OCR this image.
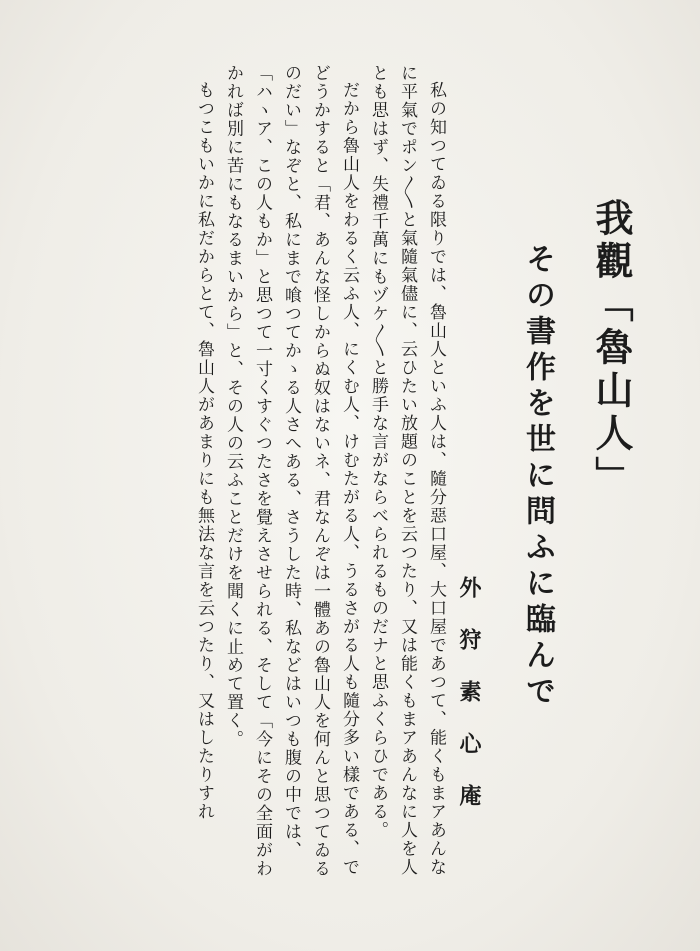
我觀「魯山人」
その書作を世に問ふに臨んで
外狩素心庵

私の知つてゐる限りでは、魯山人といふ人は、隨分惡口屋、大口屋であつて、能くもまアあんなに平氣でポン〳〵と氣隨氣儘に、云ひたい放題のことを云つたり、又は能くもまアあんなに人を人とも思はず、失禮千萬にもヅケ〳〵と勝手な言がならべられるものだナと思ふくらひである。

だから魯山人をわるく云ふ人、にくむ人、けむたがる人、うるさがる人も隨分多い樣である、でどうかすると「君、あんな怪しからぬ奴はないネ、君なんぞは一體あの魯山人を何んと思つてゐるのだい」なぞと、私にまで喰つてかゝる人さへある、さうした時、私などはいつも腹の中では、「ハヽア、この人もか」と思つて一寸くすぐつたさを覺えさせられる、そして「今にその全面がわかれば別に苦にもなるまいから」と、その人の云ふことだけを聞くに止めて置く。

もつこもいかに私だからとて、魯山人があまりにも無法な言を云つたり、又はしたりすれ
